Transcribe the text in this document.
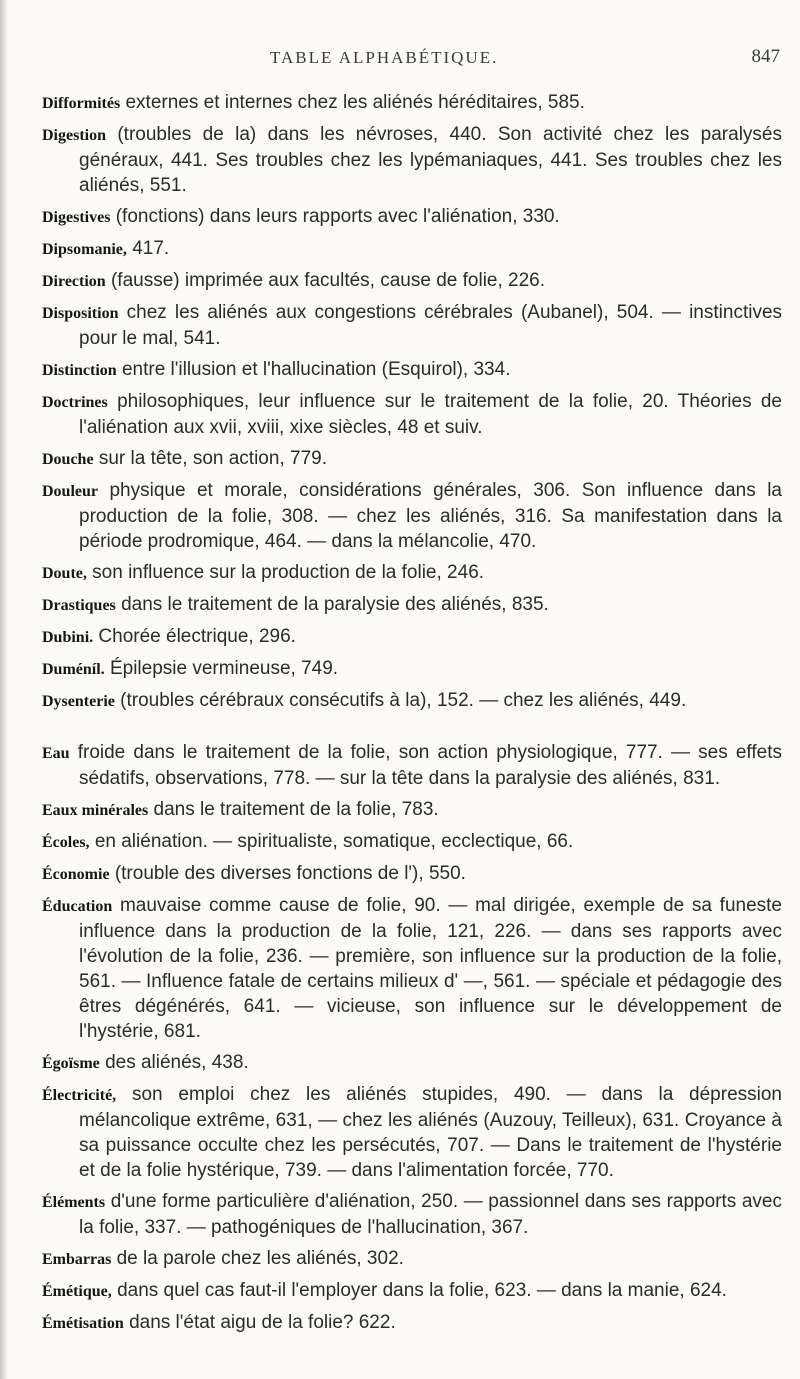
TABLE ALPHABÉTIQUE.	847

Difformités externes et internes chez les aliénés héréditaires, 585.

Digestion (troubles de la) dans les névroses, 440. Son activité chez les paralysés généraux, 441. Ses troubles chez les lypémaniaques, 441. Ses troubles chez les aliénés, 551.

Digestives (fonctions) dans leurs rapports avec l'aliénation, 330.

Dipsomanie, 417.

Direction (fausse) imprimée aux facultés, cause de folie, 226.

Disposition chez les aliénés aux congestions cérébrales (Aubanel), 504. — instinctives pour le mal, 541.

Distinction entre l'illusion et l'hallucination (Esquirol), 334.

Doctrines philosophiques, leur influence sur le traitement de la folie, 20. Théories de l'aliénation aux xvii, xviii, xixe siècles, 48 et suiv.

Douche sur la tête, son action, 779.

Douleur physique et morale, considérations générales, 306. Son influence dans la production de la folie, 308. — chez les aliénés, 316. Sa manifestation dans la période prodromique, 464. — dans la mélancolie, 470.

Doute, son influence sur la production de la folie, 246.

Drastiques dans le traitement de la paralysie des aliénés, 835.

Dubini. Chorée électrique, 296.

Duméníl. Épilepsie vermineuse, 749.

Dysenterie (troubles cérébraux consécutifs à la), 152. — chez les aliénés, 449.

Eau froide dans le traitement de la folie, son action physiologique, 777. — ses effets sédatifs, observations, 778. — sur la tête dans la paralysie des aliénés, 831.

Eaux minérales dans le traitement de la folie, 783.

Écoles, en aliénation. — spiritualiste, somatique, ecclectique, 66.

Économie (trouble des diverses fonctions de l'), 550.

Éducation mauvaise comme cause de folie, 90. — mal dirigée, exemple de sa funeste influence dans la production de la folie, 121, 226. — dans ses rapports avec l'évolution de la folie, 236. — première, son influence sur la production de la folie, 561. — Influence fatale de certains milieux d' —, 561. — spéciale et pédagogie des êtres dégénérés, 641. — vicieuse, son influence sur le développement de l'hystérie, 681.

Égoïsme des aliénés, 438.

Électricité, son emploi chez les aliénés stupides, 490. — dans la dépression mélancolique extrême, 631, — chez les aliénés (Auzouy, Teilleux), 631. Croyance à sa puissance occulte chez les persécutés, 707. — Dans le traitement de l'hystérie et de la folie hystérique, 739. — dans l'alimentation forcée, 770.

Éléments d'une forme particulière d'aliénation, 250. — passionnel dans ses rapports avec la folie, 337. — pathogéniques de l'hallucination, 367.

Embarras de la parole chez les aliénés, 302.

Émétique, dans quel cas faut-il l'employer dans la folie, 623. — dans la manie, 624.

Émétisation dans l'état aigu de la folie? 622.
